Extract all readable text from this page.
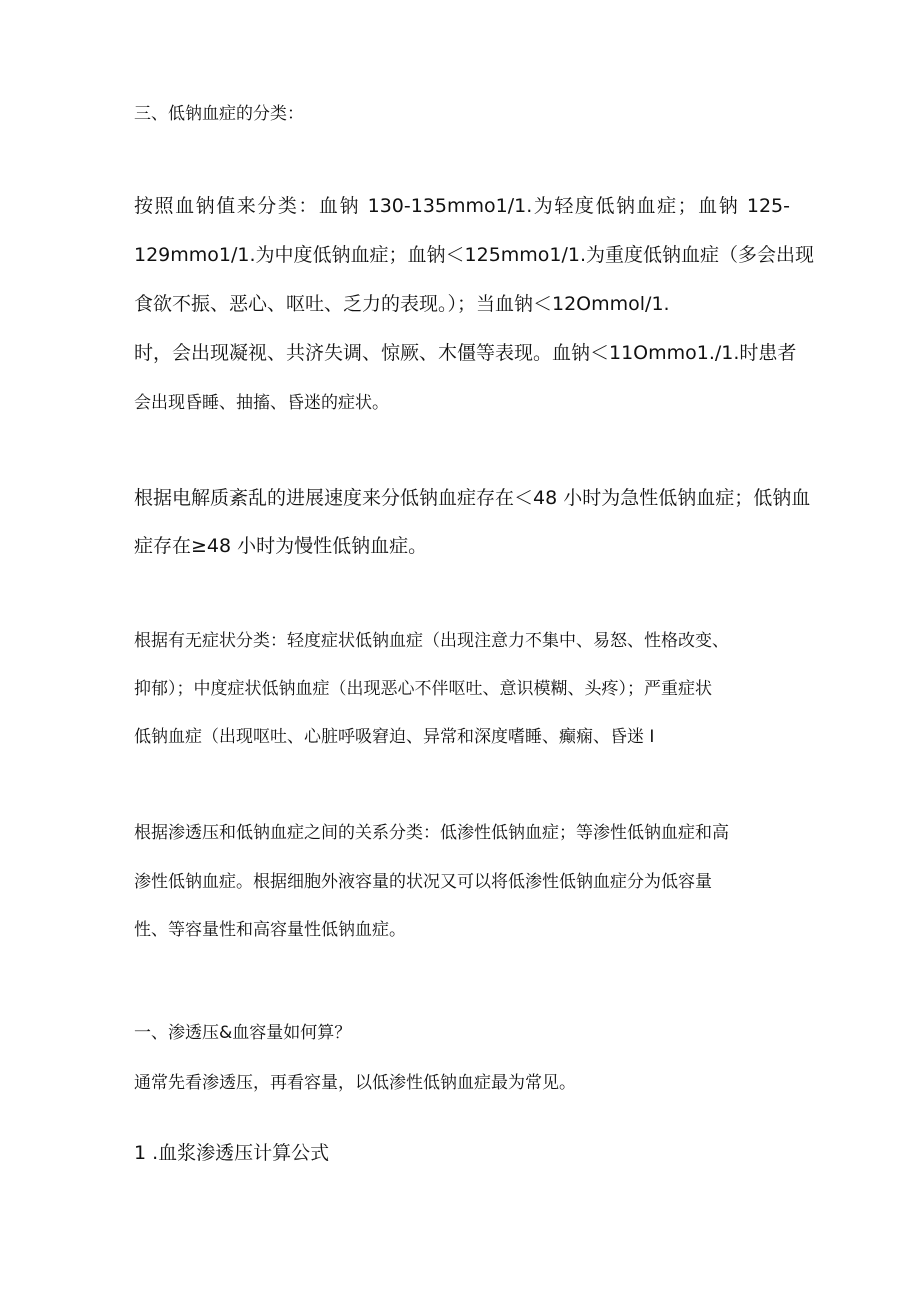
三、低钠血症的分类：
按照血钠值来分类：血钠 130-135mmo1∕1.为轻度低钠血症；血钠 125-
129mmo1∕1.为中度低钠血症；血钠＜125mmo1∕1.为重度低钠血症（多会出现
食欲不振、恶心、呕吐、乏力的表现。）；当血钠＜12Ommol/1.
时，会出现凝视、共济失调、惊厥、木僵等表现。血钠＜11Ommo1./1.时患者
会出现昏睡、抽搐、昏迷的症状。
根据电解质紊乱的进展速度来分低钠血症存在＜48 小时为急性低钠血症；低钠血
症存在≥48 小时为慢性低钠血症。
根据有无症状分类：轻度症状低钠血症（出现注意力不集中、易怒、性格改变、
抑郁）；中度症状低钠血症（出现恶心不伴呕吐、意识模糊、头疼）；严重症状
低钠血症（出现呕吐、心脏呼吸窘迫、异常和深度嗜睡、癫痫、昏迷 I
根据渗透压和低钠血症之间的关系分类：低渗性低钠血症；等渗性低钠血症和高
渗性低钠血症。根据细胞外液容量的状况又可以将低渗性低钠血症分为低容量
性、等容量性和高容量性低钠血症。
一、渗透压&血容量如何算？
通常先看渗透压，再看容量，以低渗性低钠血症最为常见。
1 .血浆渗透压计算公式
